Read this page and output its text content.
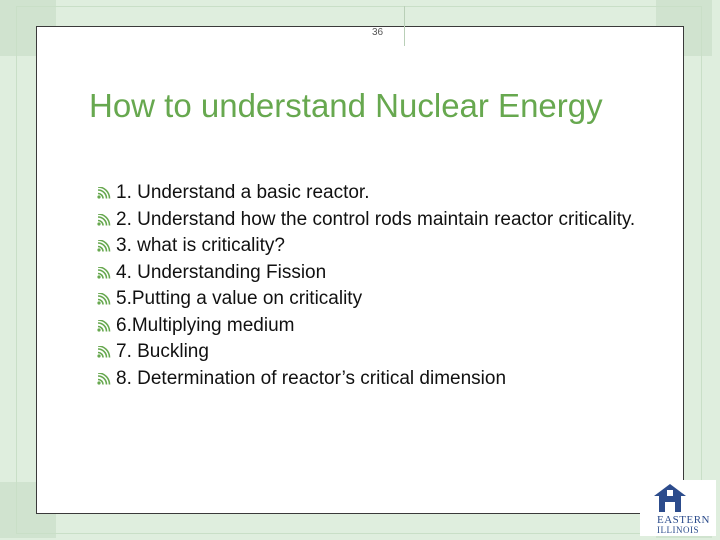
36
How to understand Nuclear Energy
1. Understand a basic reactor.
2. Understand how the control rods maintain reactor criticality.
3. what is criticality?
4. Understanding Fission
5.Putting a value on criticality
6.Multiplying medium
7. Buckling
8. Determination of reactor’s critical dimension
EASTERN
ILLINOIS
